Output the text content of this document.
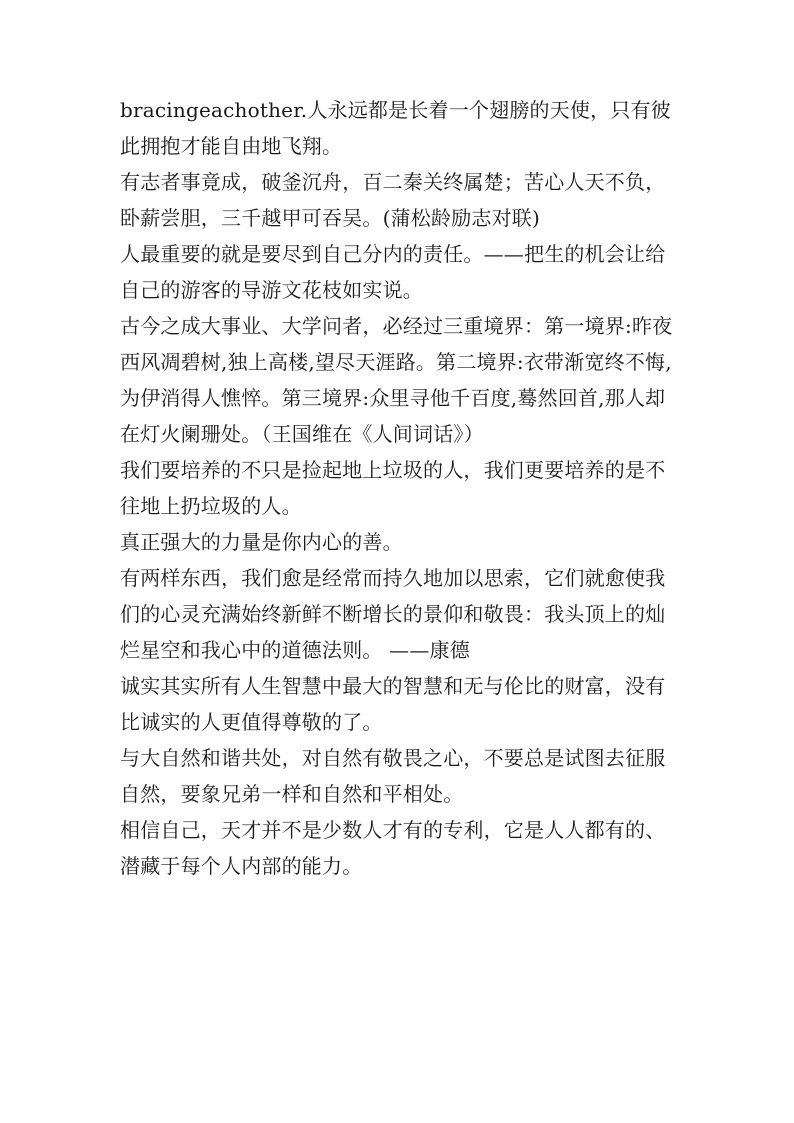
bracingeachother.人永远都是长着一个翅膀的天使，只有彼此拥抱才能自由地飞翔。

有志者事竟成，破釜沉舟，百二秦关终属楚；苦心人天不负，卧薪尝胆，三千越甲可吞吴。(蒲松龄励志对联)

人最重要的就是要尽到自己分内的责任。——把生的机会让给自己的游客的导游文花枝如实说。

古今之成大事业、大学问者，必经过三重境界：第一境界:昨夜西风凋碧树,独上高楼,望尽天涯路。第二境界:衣带渐宽终不悔,为伊消得人憔悴。第三境界:众里寻他千百度,蓦然回首,那人却在灯火阑珊处。（王国维在《人间词话》）

我们要培养的不只是捡起地上垃圾的人，我们更要培养的是不往地上扔垃圾的人。

真正强大的力量是你内心的善。

有两样东西，我们愈是经常而持久地加以思索，它们就愈使我们的心灵充满始终新鲜不断增长的景仰和敬畏：我头顶上的灿烂星空和我心中的道德法则。 ——康德

诚实其实所有人生智慧中最大的智慧和无与伦比的财富，没有比诚实的人更值得尊敬的了。

与大自然和谐共处，对自然有敬畏之心，不要总是试图去征服自然，要象兄弟一样和自然和平相处。

相信自己，天才并不是少数人才有的专利，它是人人都有的、潜藏于每个人内部的能力。
